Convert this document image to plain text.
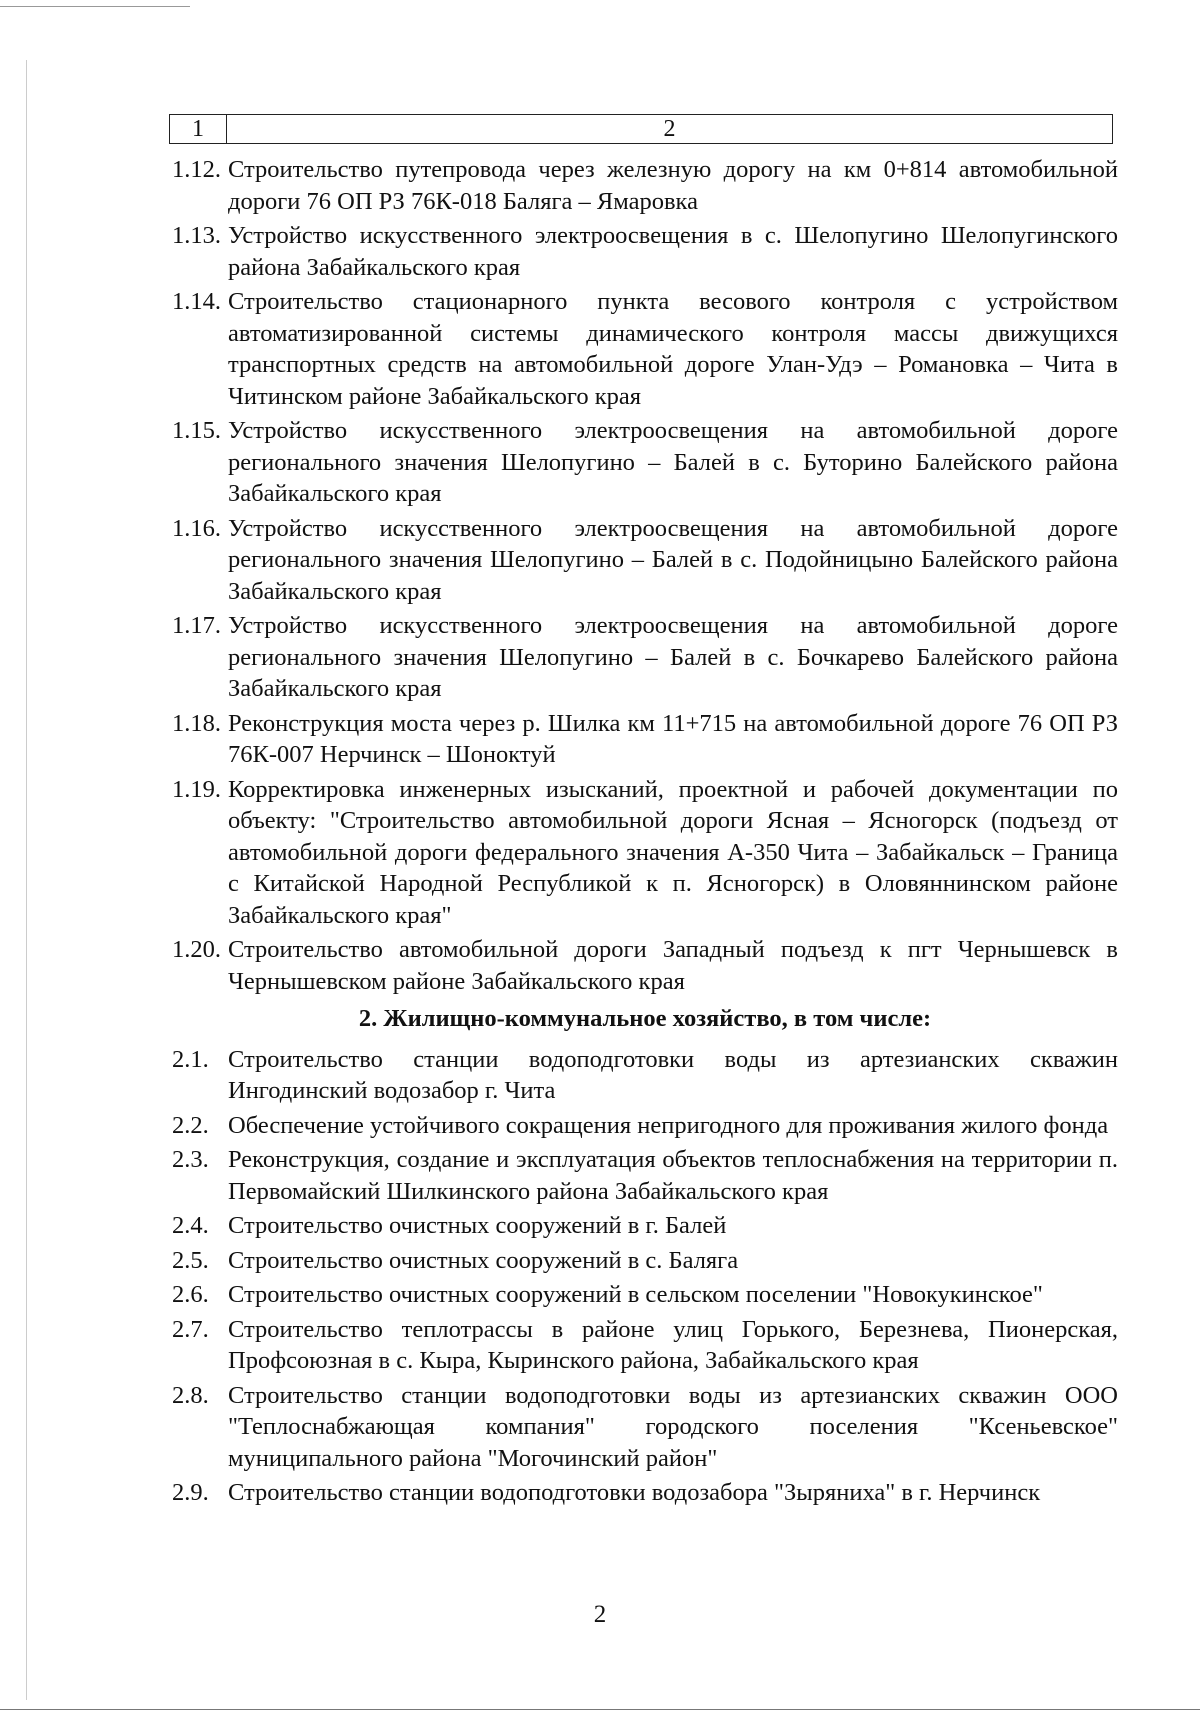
1	2
1.12. Строительство путепровода через железную дорогу на км 0+814 автомобильной дороги 76 ОП РЗ 76К-018 Баляга – Ямаровка
1.13. Устройство искусственного электроосвещения в с. Шелопугино Шелопугинского района Забайкальского края
1.14. Строительство стационарного пункта весового контроля с устройством автоматизированной системы динамического контроля массы движущихся транспортных средств на автомобильной дороге Улан-Удэ – Романовка – Чита в Читинском районе Забайкальского края
1.15. Устройство искусственного электроосвещения на автомобильной дороге регионального значения Шелопугино – Балей в с. Буторино Балейского района Забайкальского края
1.16. Устройство искусственного электроосвещения на автомобильной дороге регионального значения Шелопугино – Балей в с. Подойницыно Балейского района Забайкальского края
1.17. Устройство искусственного электроосвещения на автомобильной дороге регионального значения Шелопугино – Балей в с. Бочкарево Балейского района Забайкальского края
1.18. Реконструкция моста через р. Шилка км 11+715 на автомобильной дороге 76 ОП РЗ 76К-007 Нерчинск – Шоноктуй
1.19. Корректировка инженерных изысканий, проектной и рабочей документации по объекту: "Строительство автомобильной дороги Ясная – Ясногорск (подъезд от автомобильной дороги федерального значения А-350 Чита – Забайкальск – Граница с Китайской Народной Республикой к п. Ясногорск) в Оловяннинском районе Забайкальского края"
1.20. Строительство автомобильной дороги Западный подъезд к пгт Чернышевск в Чернышевском районе Забайкальского края
2. Жилищно-коммунальное хозяйство, в том числе:
2.1. Строительство станции водоподготовки воды из артезианских скважин Ингодинский водозабор г. Чита
2.2. Обеспечение устойчивого сокращения непригодного для проживания жилого фонда
2.3. Реконструкция, создание и эксплуатация объектов теплоснабжения на территории п. Первомайский Шилкинского района Забайкальского края
2.4. Строительство очистных сооружений в г. Балей
2.5. Строительство очистных сооружений в с. Баляга
2.6. Строительство очистных сооружений в сельском поселении "Новокукинское"
2.7. Строительство теплотрассы в районе улиц Горького, Березнева, Пионерская, Профсоюзная в с. Кыра, Кыринского района, Забайкальского края
2.8. Строительство станции водоподготовки воды из артезианских скважин ООО "Теплоснабжающая компания" городского поселения "Ксеньевское" муниципального района "Могочинский район"
2.9. Строительство станции водоподготовки водозабора "Зыряниха" в г. Нерчинск
2
